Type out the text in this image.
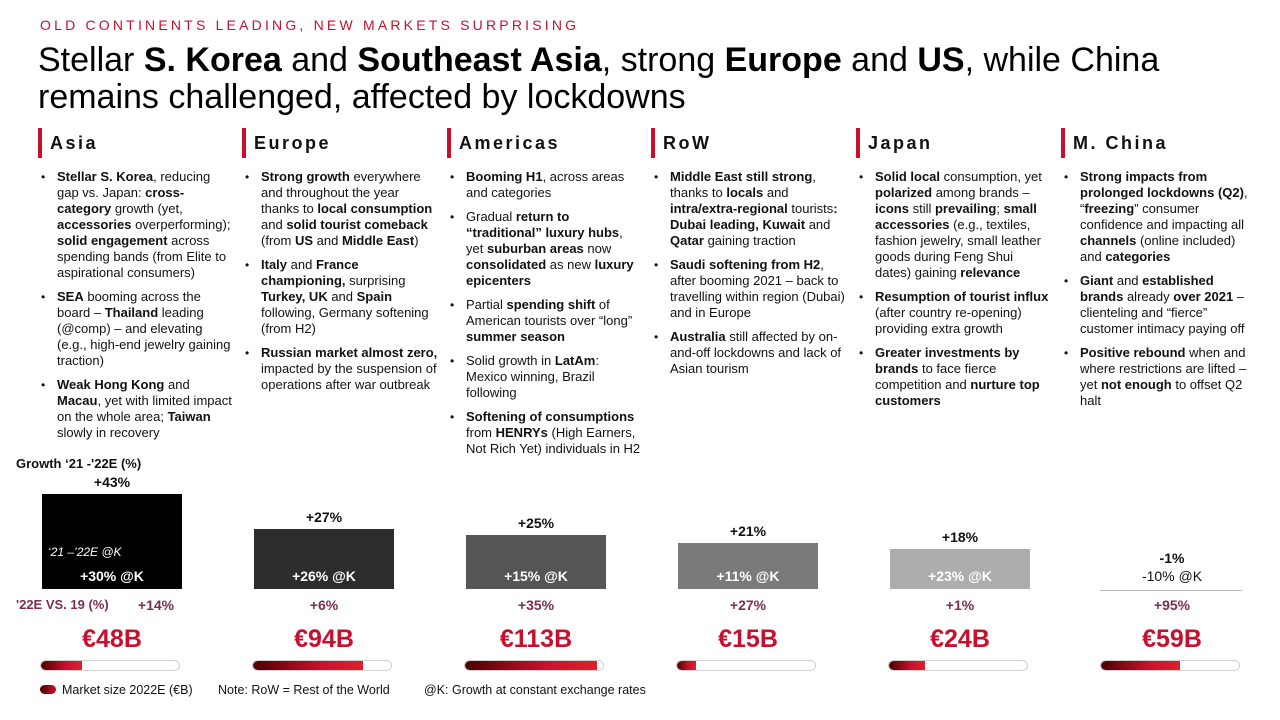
OLD CONTINENTS LEADING, NEW MARKETS SURPRISING
Stellar S. Korea and Southeast Asia, strong Europe and US, while China remains challenged, affected by lockdowns
Asia
• Stellar S. Korea, reducing gap vs. Japan: cross-category growth (yet, accessories overperforming); solid engagement across spending bands (from Elite to aspirational consumers)
• SEA booming across the board – Thailand leading (@comp) – and elevating (e.g., high-end jewelry gaining traction)
• Weak Hong Kong and Macau, yet with limited impact on the whole area; Taiwan slowly in recovery
Europe
• Strong growth everywhere and throughout the year thanks to local consumption and solid tourist comeback (from US and Middle East)
• Italy and France championing, surprising Turkey, UK and Spain following, Germany softening (from H2)
• Russian market almost zero, impacted by the suspension of operations after war outbreak
Americas
• Booming H1, across areas and categories
• Gradual return to “traditional” luxury hubs, yet suburban areas now consolidated as new luxury epicenters
• Partial spending shift of American tourists over “long” summer season
• Solid growth in LatAm: Mexico winning, Brazil following
• Softening of consumptions from HENRYs (High Earners, Not Rich Yet) individuals in H2
RoW
• Middle East still strong, thanks to locals and intra/extra-regional tourists: Dubai leading, Kuwait and Qatar gaining traction
• Saudi softening from H2, after booming 2021 – back to travelling within region (Dubai) and in Europe
• Australia still affected by on-and-off lockdowns and lack of Asian tourism
Japan
• Solid local consumption, yet polarized among brands – icons still prevailing; small accessories (e.g., textiles, fashion jewelry, small leather goods during Feng Shui dates) gaining relevance
• Resumption of tourist influx (after country re-opening) providing extra growth
• Greater investments by brands to face fierce competition and nurture top customers
M. China
• Strong impacts from prolonged lockdowns (Q2), “freezing” consumer confidence and impacting all channels (online included) and categories
• Giant and established brands already over 2021 – clienteling and “fierce” customer intimacy paying off
• Positive rebound when and where restrictions are lifted – yet not enough to offset Q2 halt
+43%
+30% @K
+14%
€48B
+27%
+26% @K
+6%
€94B
+25%
+15% @K
+35%
€113B
+21%
+11% @K
+27%
€15B
+18%
+23% @K
+1%
€24B
-1%
-10% @K
+95%
€59B
Growth ‘21 -'22E (%)
‘21 –’22E @K
'22E VS. 19 (%)
Market size 2022E (€B) Note: RoW = Rest of the World	@K: Growth at constant exchange rates
